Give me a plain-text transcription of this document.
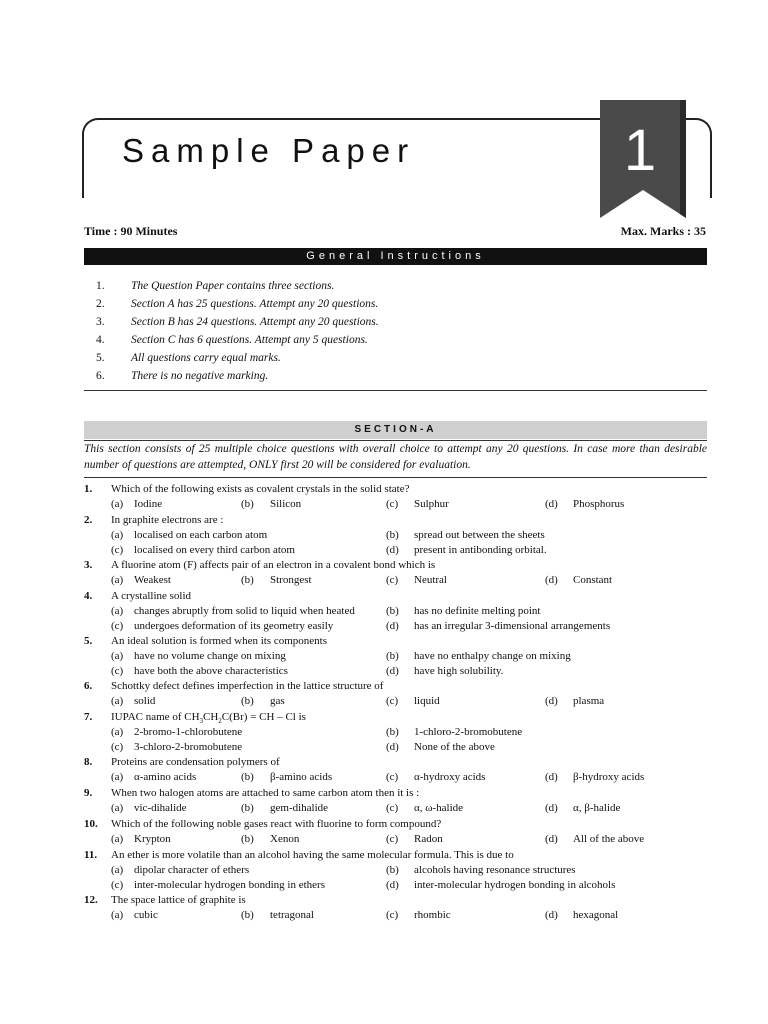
Sample Paper	1
Time : 90 Minutes	Max. Marks : 35
General Instructions
1. The Question Paper contains three sections.
2. Section A has 25 questions. Attempt any 20 questions.
3. Section B has 24 questions. Attempt any 20 questions.
4. Section C has 6 questions. Attempt any 5 questions.
5. All questions carry equal marks.
6. There is no negative marking.
SECTION-A

This section consists of 25 multiple choice questions with overall choice to attempt any 20 questions. In case more than desirable number of questions are attempted, ONLY first 20 will be considered for evaluation.

1. Which of the following exists as covalent crystals in the solid state?
(a) Iodine	(b) Silicon	(c) Sulphur	(d) Phosphorus
2. In graphite electrons are :
(a) localised on each carbon atom	(b) spread out between the sheets
(c) localised on every third carbon atom	(d) present in antibonding orbital.
3. A fluorine atom (F) affects pair of an electron in a covalent bond which is
(a) Weakest	(b) Strongest	(c) Neutral	(d) Constant
4. A crystalline solid
(a) changes abruptly from solid to liquid when heated	(b) has no definite melting point
(c) undergoes deformation of its geometry easily	(d) has an irregular 3-dimensional arrangements
5. An ideal solution is formed when its components
(a) have no volume change on mixing	(b) have no enthalpy change on mixing
(c) have both the above characteristics	(d) have high solubility.
6. Schottky defect defines imperfection in the lattice structure of
(a) solid	(b) gas	(c) liquid	(d) plasma
7. IUPAC name of $CH_3CH_2C(Br)$ = CH – Cl is
(a) 2-bromo-1-chlorobutene	(b) 1-chloro-2-bromobutene
(c) 3-chloro-2-bromobutene	(d) None of the above
8. Proteins are condensation polymers of
(a) α-amino acids	(b) β-amino acids	(c) α-hydroxy acids	(d) β-hydroxy acids
9. When two halogen atoms are attached to same carbon atom then it is :
(a) vic-dihalide	(b) gem-dihalide	(c) α, ω-halide	(d) α, β-halide
10. Which of the following noble gases react with fluorine to form compound?
(a) Krypton	(b) Xenon	(c) Radon	(d) All of the above
11. An ether is more volatile than an alcohol having the same molecular formula. This is due to
(a) dipolar character of ethers	(b) alcohols having resonance structures
(c) inter-molecular hydrogen bonding in ethers	(d) inter-molecular hydrogen bonding in alcohols
12. The space lattice of graphite is
(a) cubic	(b) tetragonal	(c) rhombic	(d) hexagonal
